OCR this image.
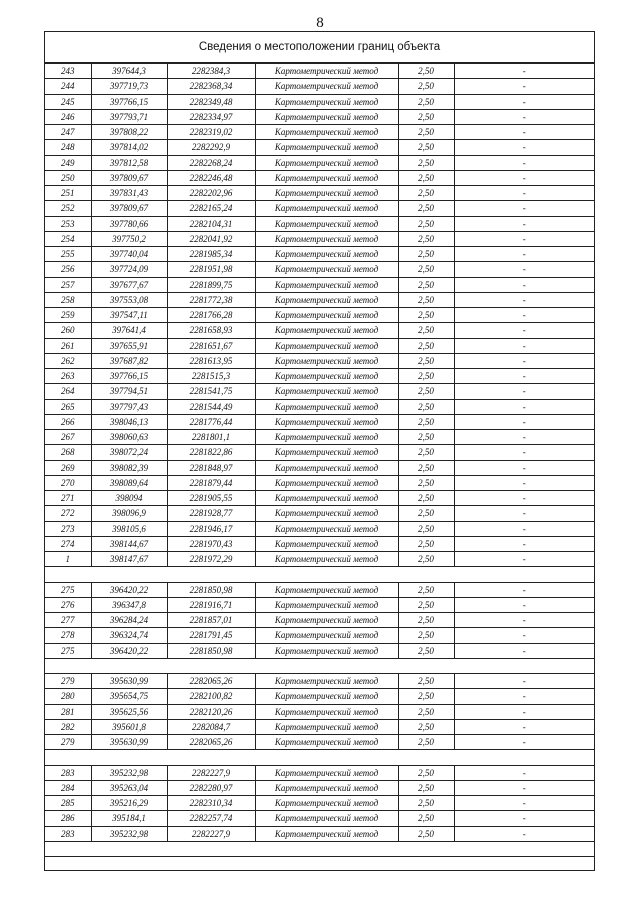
8
Сведения о местоположении границ объекта
243	397644,3	2282384,3	Картометрический метод	2,50	-
244	397719,73	2282368,34	Картометрический метод	2,50	-
245	397766,15	2282349,48	Картометрический метод	2,50	-
246	397793,71	2282334,97	Картометрический метод	2,50	-
247	397808,22	2282319,02	Картометрический метод	2,50	-
248	397814,02	2282292,9	Картометрический метод	2,50	-
249	397812,58	2282268,24	Картометрический метод	2,50	-
250	397809,67	2282246,48	Картометрический метод	2,50	-
251	397831,43	2282202,96	Картометрический метод	2,50	-
252	397809,67	2282165,24	Картометрический метод	2,50	-
253	397780,66	2282104,31	Картометрический метод	2,50	-
254	397750,2	2282041,92	Картометрический метод	2,50	-
255	397740,04	2281985,34	Картометрический метод	2,50	-
256	397724,09	2281951,98	Картометрический метод	2,50	-
257	397677,67	2281899,75	Картометрический метод	2,50	-
258	397553,08	2281772,38	Картометрический метод	2,50	-
259	397547,11	2281766,28	Картометрический метод	2,50	-
260	397641,4	2281658,93	Картометрический метод	2,50	-
261	397655,91	2281651,67	Картометрический метод	2,50	-
262	397687,82	2281613,95	Картометрический метод	2,50	-
263	397766,15	2281515,3	Картометрический метод	2,50	-
264	397794,51	2281541,75	Картометрический метод	2,50	-
265	397797,43	2281544,49	Картометрический метод	2,50	-
266	398046,13	2281776,44	Картометрический метод	2,50	-
267	398060,63	2281801,1	Картометрический метод	2,50	-
268	398072,24	2281822,86	Картометрический метод	2,50	-
269	398082,39	2281848,97	Картометрический метод	2,50	-
270	398089,64	2281879,44	Картометрический метод	2,50	-
271	398094	2281905,55	Картометрический метод	2,50	-
272	398096,9	2281928,77	Картометрический метод	2,50	-
273	398105,6	2281946,17	Картометрический метод	2,50	-
274	398144,67	2281970,43	Картометрический метод	2,50	-
1	398147,67	2281972,29	Картометрический метод	2,50	-

275	396420,22	2281850,98	Картометрический метод	2,50	-
276	396347,8	2281916,71	Картометрический метод	2,50	-
277	396284,24	2281857,01	Картометрический метод	2,50	-
278	396324,74	2281791,45	Картометрический метод	2,50	-
275	396420,22	2281850,98	Картометрический метод	2,50	-

279	395630,99	2282065,26	Картометрический метод	2,50	-
280	395654,75	2282100,82	Картометрический метод	2,50	-
281	395625,56	2282120,26	Картометрический метод	2,50	-
282	395601,8	2282084,7	Картометрический метод	2,50	-
279	395630,99	2282065,26	Картометрический метод	2,50	-

283	395232,98	2282227,9	Картометрический метод	2,50	-
284	395263,04	2282280,97	Картометрический метод	2,50	-
285	395216,29	2282310,34	Картометрический метод	2,50	-
286	395184,1	2282257,74	Картометрический метод	2,50	-
283	395232,98	2282227,9	Картометрический метод	2,50	-
